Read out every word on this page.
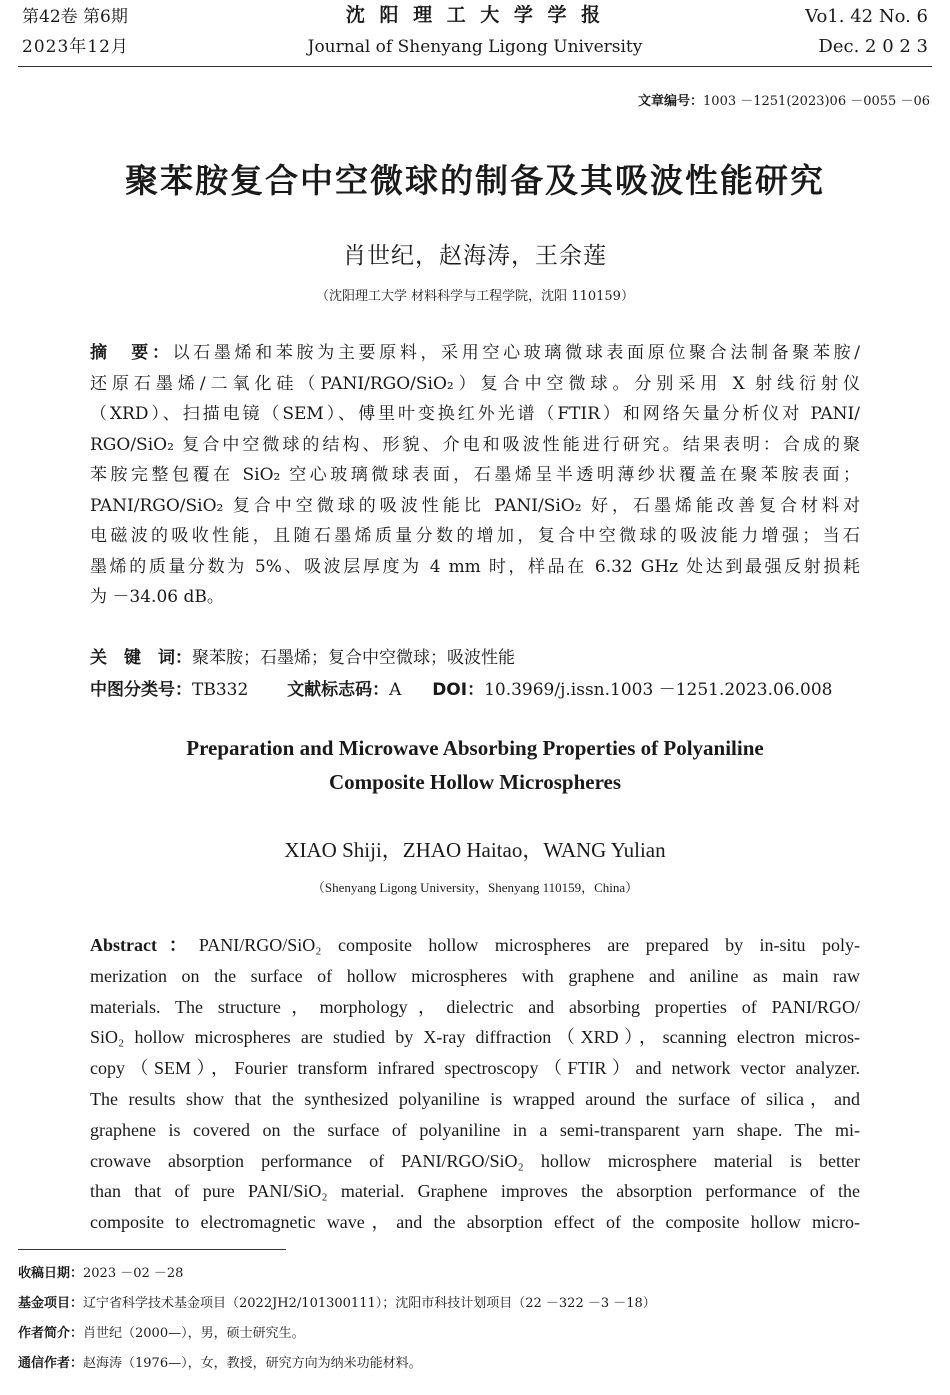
第42卷 第6期
2023年12月
沈 阳 理 工 大 学 学 报
Journal of Shenyang Ligong University
Vo1. 42 No. 6
Dec. 2 0 2 3
文章编号：1003 －1251(2023)06 －0055 －06
聚苯胺复合中空微球的制备及其吸波性能研究
肖世纪，赵海涛，王余莲
（沈阳理工大学 材料科学与工程学院，沈阳 110159）
摘　要：以石墨烯和苯胺为主要原料，采用空心玻璃微球表面原位聚合法制备聚苯胺/
还原石墨烯/二氧化硅（PANI/RGO/SiO₂）复合中空微球。分别采用 X 射线衍射仪
（XRD）、扫描电镜（SEM）、傅里叶变换红外光谱（FTIR）和网络矢量分析仪对 PANI/
RGO/SiO₂ 复合中空微球的结构、形貌、介电和吸波性能进行研究。结果表明：合成的聚
苯胺完整包覆在 SiO₂ 空心玻璃微球表面，石墨烯呈半透明薄纱状覆盖在聚苯胺表面；
PANI/RGO/SiO₂ 复合中空微球的吸波性能比 PANI/SiO₂ 好，石墨烯能改善复合材料对
电磁波的吸收性能，且随石墨烯质量分数的增加，复合中空微球的吸波能力增强；当石
墨烯的质量分数为 5%、吸波层厚度为 4 mm 时，样品在 6.32 GHz 处达到最强反射损耗
为 －34.06 dB。
关　键　词：聚苯胺；石墨烯；复合中空微球；吸波性能
中图分类号：TB332 文献标志码：A DOI：10.3969/j.issn.1003 －1251.2023.06.008
Preparation and Microwave Absorbing Properties of Polyaniline
Composite Hollow Microspheres
XIAO Shiji，ZHAO Haitao，WANG Yulian
（Shenyang Ligong University，Shenyang 110159，China）
Abstract：PANI/RGO/SiO₂ composite hollow microspheres are prepared by in-situ poly-
merization on the surface of hollow microspheres with graphene and aniline as main raw
materials. The structure，morphology，dielectric and absorbing properties of PANI/RGO/
SiO₂ hollow microspheres are studied by X-ray diffraction（XRD），scanning electron micros-
copy（SEM），Fourier transform infrared spectroscopy（FTIR）and network vector analyzer.
The results show that the synthesized polyaniline is wrapped around the surface of silica，and
graphene is covered on the surface of polyaniline in a semi-transparent yarn shape. The mi-
crowave absorption performance of PANI/RGO/SiO₂ hollow microsphere material is better
than that of pure PANI/SiO₂ material. Graphene improves the absorption performance of the
composite to electromagnetic wave，and the absorption effect of the composite hollow micro-
收稿日期：2023 －02 －28
基金项目：辽宁省科学技术基金项目（2022JH2/101300111）；沈阳市科技计划项目（22 －322 －3 －18）
作者简介：肖世纪（2000—），男，硕士研究生。
通信作者：赵海涛（1976—），女，教授，研究方向为纳米功能材料。
